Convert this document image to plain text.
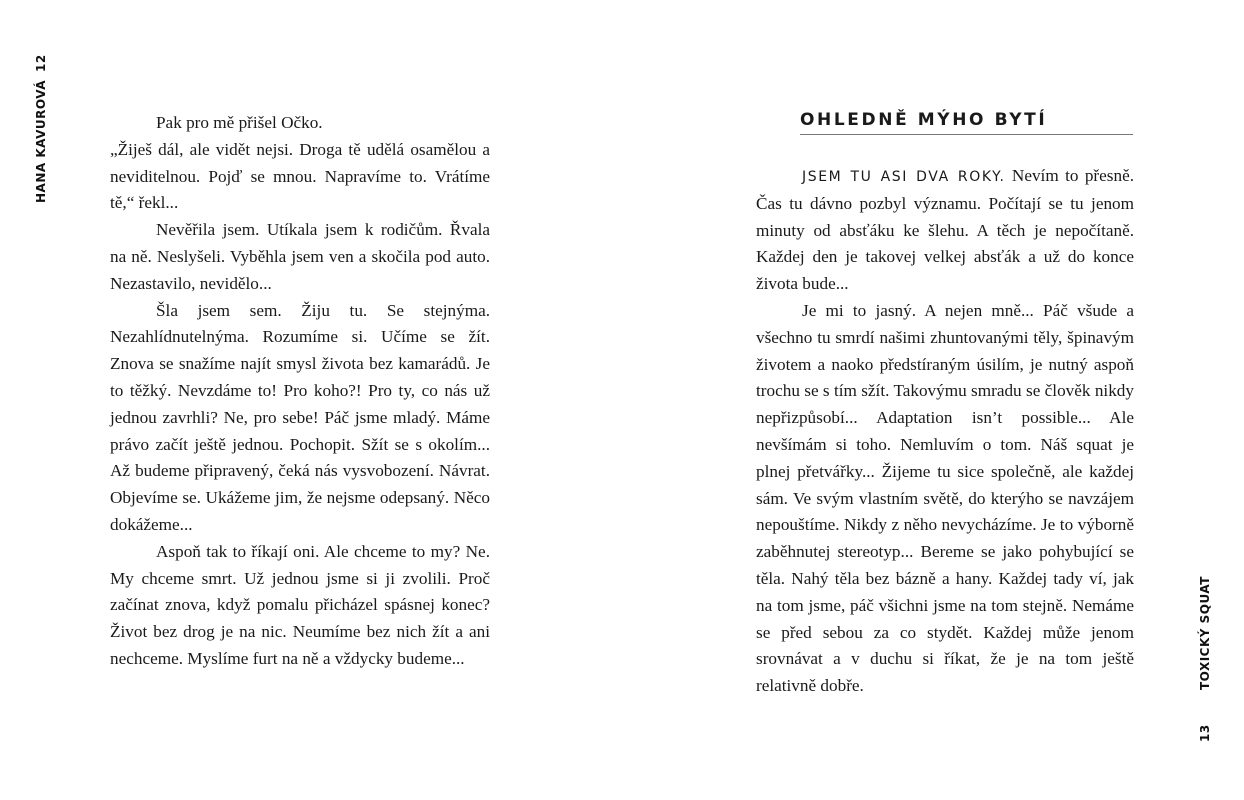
12
HANA KAVUROVÁ	Pak pro mě přišel Očko.

„Žiješ dál, ale vidět nejsi. Droga tě udělá osamělou a neviditelnou. Pojď se mnou. Napravíme to. Vrátíme tě,“ řekl...

Nevěřila jsem. Utíkala jsem k rodičům. Řvala na ně. Neslyšeli. Vyběhla jsem ven a skočila pod auto. Nezastavilo, nevidělo...

Šla jsem sem. Žiju tu. Se stejnýma. Nezahlídnutelnýma. Rozumíme si. Učíme se žít. Znova se snažíme najít smysl života bez kamarádů. Je to těžký. Nevzdáme to! Pro koho?! Pro ty, co nás už jednou zavrhli? Ne, pro sebe! Páč jsme mladý. Máme právo začít ještě jednou. Pochopit. Sžít se s okolím... Až budeme připravený, čeká nás vysvobození. Návrat. Objevíme se. Ukážeme jim, že nejsme odepsaný. Něco dokážeme...

Aspoň tak to říkají oni. Ale chceme to my? Ne. My chceme smrt. Už jednou jsme si ji zvolili. Proč začínat znova, když pomalu přicházel spásnej konec? Život bez drog je na nic. Neumíme bez nich žít a ani nechceme. Myslíme furt na ně a vždycky budeme...

OHLEDNĚ MÝHO BYTÍ

JSEM TU ASI DVA ROKY. Nevím to přesně. Čas tu dávno pozbyl významu. Počítají se tu jenom minuty od absťáku ke šlehu. A těch je nepočítaně. Každej den je takovej velkej absťák a už do konce života bude...

Je mi to jasný. A nejen mně... Páč všude a všechno tu smrdí našimi zhuntovanými těly, špinavým životem a naoko předstíraným úsilím, je nutný aspoň trochu se s tím sžít. Takovýmu smradu se člověk nikdy nepřizpůsobí... Adaptation isn’t possible... Ale nevšímám si toho. Nemluvím o tom. Náš squat je plnej přetvářky... Žijeme tu sice společně, ale každej sám. Ve svým vlastním světě, do kterýho se navzájem nepouštíme. Nikdy z něho nevycházíme. Je to výborně zaběhnutej stereotyp... Bereme se jako pohybující se těla. Nahý těla bez bázně a hany. Každej tady ví, jak na tom jsme, páč všichni jsme na tom stejně. Nemáme se před sebou za co stydět. Každej může jenom srovnávat a v duchu si říkat, že je na tom ještě relativně dobře.	TOXICKÝ SQUAT
13
